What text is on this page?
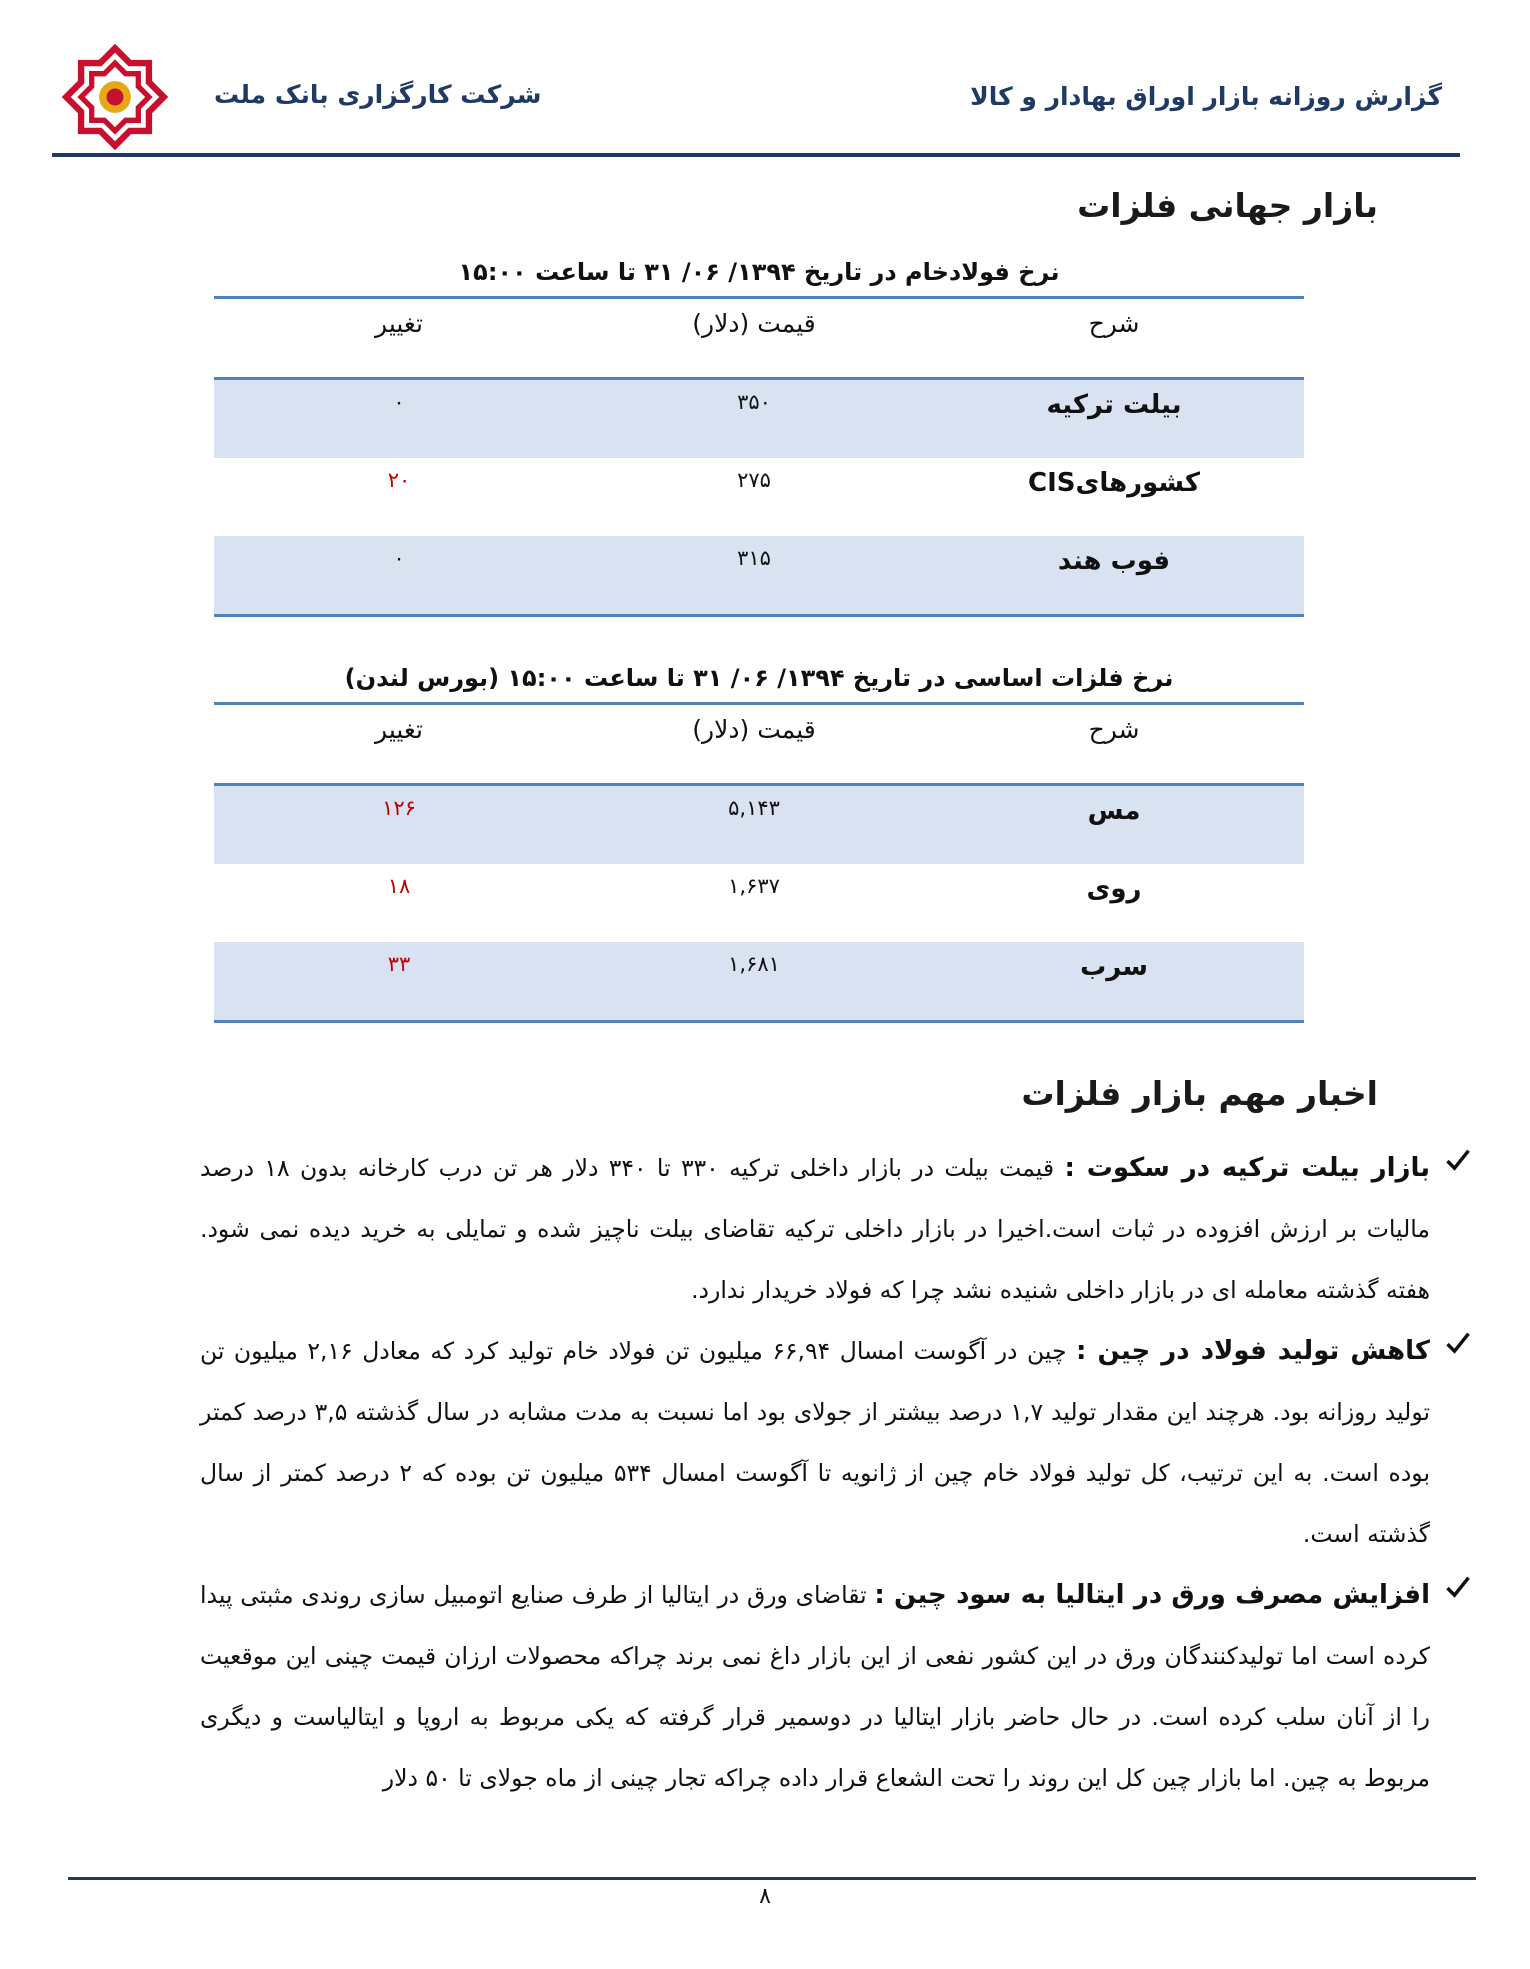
شرکت کارگزاری بانک ملت	گزارش روزانه بازار اوراق بهادار و کالا
بازار جهانی فلزات
نرخ فولادخام در تاریخ ۱۳۹۴/ ۰۶/ ۳۱ تا ساعت ۱۵:۰۰
شرح
قیمت (دلار)
تغییر
بیلت ترکیه
۳۵۰
۰
کشورهایCIS
۲۷۵
۲۰
فوب هند
۳۱۵
۰
نرخ فلزات اساسی در تاریخ ۱۳۹۴/ ۰۶/ ۳۱ تا ساعت ۱۵:۰۰ (بورس لندن)
شرح
قیمت (دلار)
تغییر
مس
۵,۱۴۳
۱۲۶
روی
۱,۶۳۷
۱۸
سرب
۱,۶۸۱
۳۳
اخبار مهم بازار فلزات
بازار بیلت ترکیه در سکوت : قیمت بیلت در بازار داخلی ترکیه ۳۳۰ تا ۳۴۰ دلار هر تن درب کارخانه بدون ۱۸ درصد مالیات بر ارزش افزوده در ثبات است.اخیرا در بازار داخلی ترکیه تقاضای بیلت ناچیز شده و تمایلی به خرید دیده نمی شود. هفته گذشته معامله ای در بازار داخلی شنیده نشد چرا که فولاد خریدار ندارد.
کاهش تولید فولاد در چین : چین در آگوست امسال ۶۶,۹۴ میلیون تن فولاد خام تولید کرد که معادل ۲,۱۶ میلیون تن تولید روزانه بود. هرچند این مقدار تولید ۱,۷ درصد بیشتر از جولای بود اما نسبت به مدت مشابه در سال گذشته ۳,۵ درصد کمتر بوده است. به این ترتیب، کل تولید فولاد خام چین از ژانویه تا آگوست امسال ۵۳۴ میلیون تن بوده که ۲ درصد کمتر از سال گذشته است.
افزایش مصرف ورق در ایتالیا به سود چین : تقاضای ورق در ایتالیا از طرف صنایع اتومبیل سازی روندی مثبتی پیدا کرده است اما تولیدکنندگان ورق در این کشور نفعی از این بازار داغ نمی برند چراکه محصولات ارزان قیمت چینی این موقعیت را از آنان سلب کرده است. در حال حاضر بازار ایتالیا در دوسمیر قرار گرفته که یکی مربوط به اروپا و ایتالیاست و دیگری مربوط به چین. اما بازار چین کل این روند را تحت الشعاع قرار داده چراکه تجار چینی از ماه جولای تا ۵۰ دلار
۸
